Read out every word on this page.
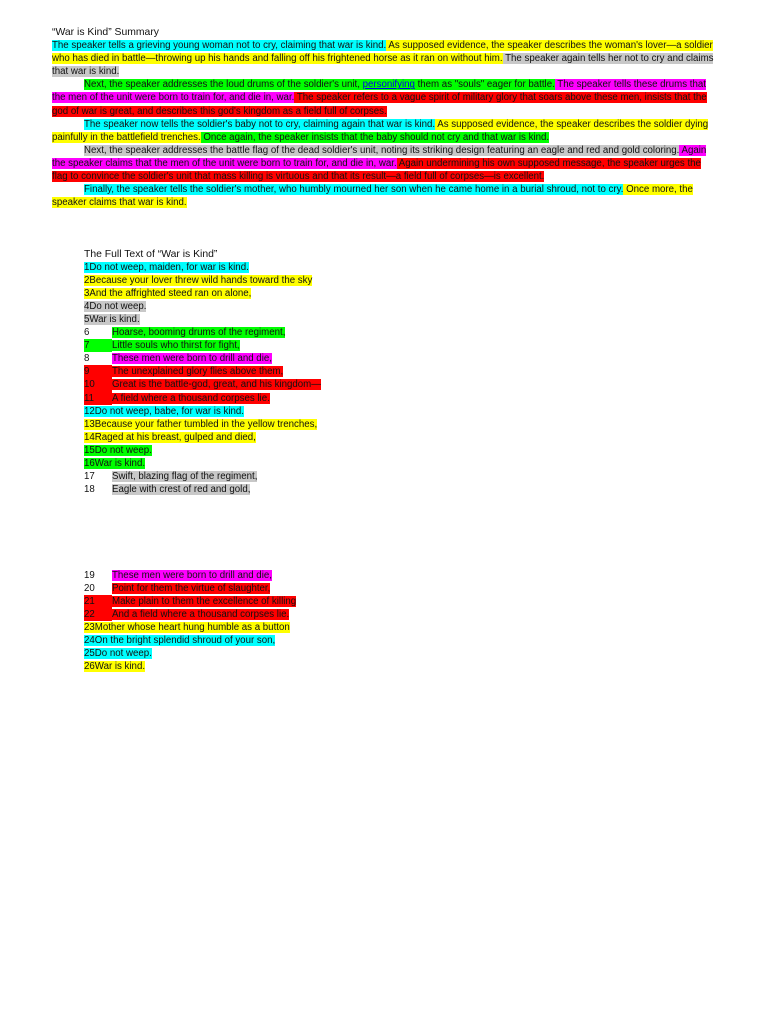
“War is Kind” Summary
The speaker tells a grieving young woman not to cry, claiming that war is kind. As supposed evidence, the speaker describes the woman's lover—a soldier who has died in battle—throwing up his hands and falling off his frightened horse as it ran on without him. The speaker again tells her not to cry and claims that war is kind.
Next, the speaker addresses the loud drums of the soldier's unit, personifying them as "souls" eager for battle. The speaker tells these drums that the men of the unit were born to train for, and die in, war. The speaker refers to a vague spirit of military glory that soars above these men, insists that the god of war is great, and describes this god's kingdom as a field full of corpses.
The speaker now tells the soldier's baby not to cry, claiming again that war is kind. As supposed evidence, the speaker describes the soldier dying painfully in the battlefield trenches. Once again, the speaker insists that the baby should not cry and that war is kind.
Next, the speaker addresses the battle flag of the dead soldier's unit, noting its striking design featuring an eagle and red and gold coloring. Again the speaker claims that the men of the unit were born to train for, and die in, war. Again undermining his own supposed message, the speaker urges the flag to convince the soldier's unit that mass killing is virtuous and that its result—a field full of corpses—is excellent.
Finally, the speaker tells the soldier's mother, who humbly mourned her son when he came home in a burial shroud, not to cry. Once more, the speaker claims that war is kind.
The Full Text of “War is Kind”
1Do not weep, maiden, for war is kind.
2Because your lover threw wild hands toward the sky
3And the affrighted steed ran on alone,
4Do not weep.
5War is kind.
6 Hoarse, booming drums of the regiment,
7 Little souls who thirst for fight,
8 These men were born to drill and die,
9 The unexplained glory flies above them,
10 Great is the battle-god, great, and his kingdom—
11 A field where a thousand corpses lie.
12Do not weep, babe, for war is kind.
13Because your father tumbled in the yellow trenches,
14Raged at his breast, gulped and died,
15Do not weep.
16War is kind.
17 Swift, blazing flag of the regiment,
18 Eagle with crest of red and gold,
19 These men were born to drill and die,
20 Point for them the virtue of slaughter,
21 Make plain to them the excellence of killing
22 And a field where a thousand corpses lie.
23Mother whose heart hung humble as a button
24On the bright splendid shroud of your son,
25Do not weep.
26War is kind.
